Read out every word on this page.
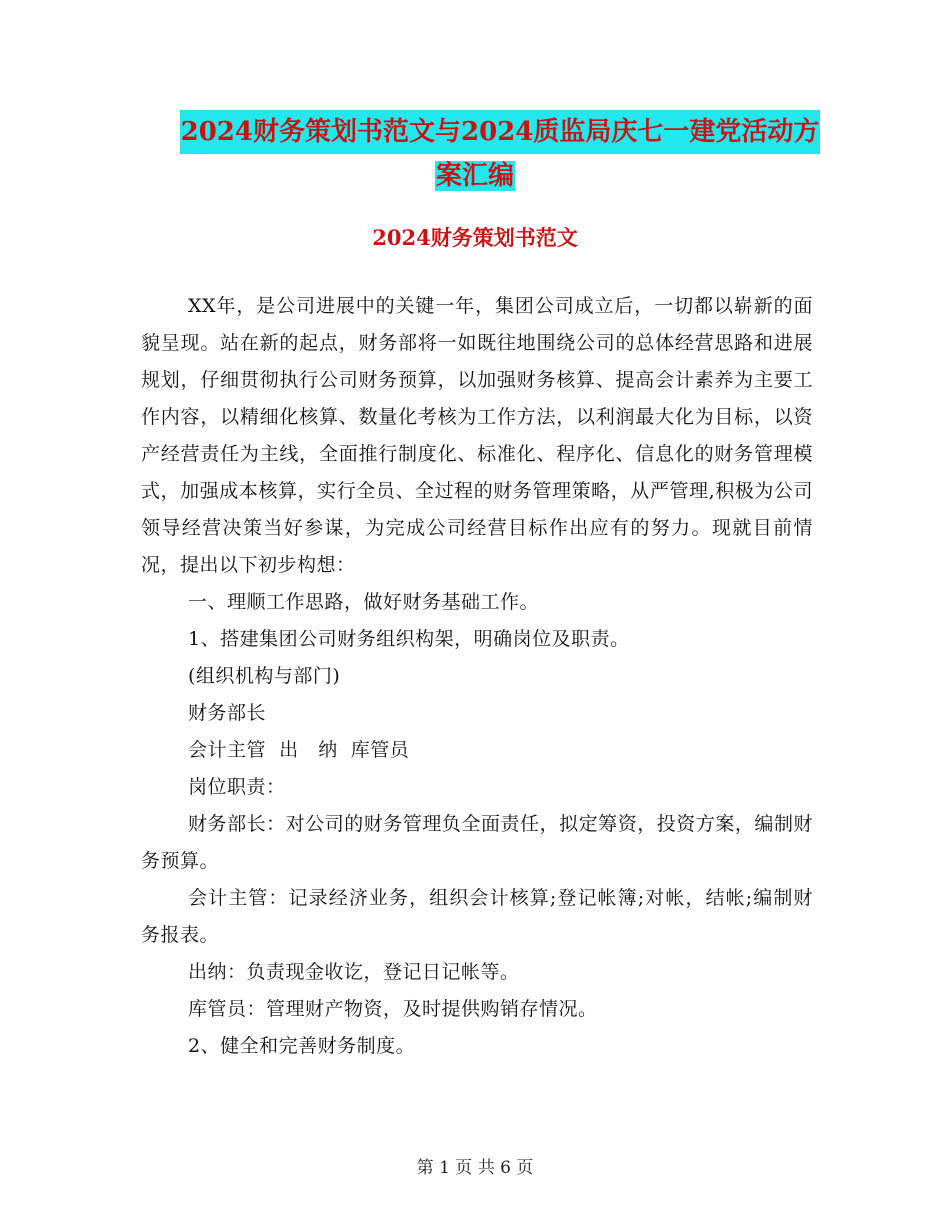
2024财务策划书范文与2024质监局庆七一建党活动方
案汇编
2024财务策划书范文

XX年，是公司进展中的关键一年，集团公司成立后，一切都以崭新的面貌呈现。站在新的起点，财务部将一如既往地围绕公司的总体经营思路和进展规划，仔细贯彻执行公司财务预算，以加强财务核算、提高会计素养为主要工作内容，以精细化核算、数量化考核为工作方法，以利润最大化为目标，以资产经营责任为主线，全面推行制度化、标准化、程序化、信息化的财务管理模式，加强成本核算，实行全员、全过程的财务管理策略，从严管理,积极为公司领导经营决策当好参谋，为完成公司经营目标作出应有的努力。现就目前情况，提出以下初步构想：

一、理顺工作思路，做好财务基础工作。

1、搭建集团公司财务组织构架，明确岗位及职责。

(组织机构与部门)

财务部长

会计主管  出   纳  库管员

岗位职责：

财务部长：对公司的财务管理负全面责任，拟定筹资，投资方案，编制财务预算。

会计主管：记录经济业务，组织会计核算;登记帐簿;对帐，结帐;编制财务报表。

出纳：负责现金收讫，登记日记帐等。

库管员：管理财产物资，及时提供购销存情况。

2、健全和完善财务制度。

第 1 页 共 6 页
